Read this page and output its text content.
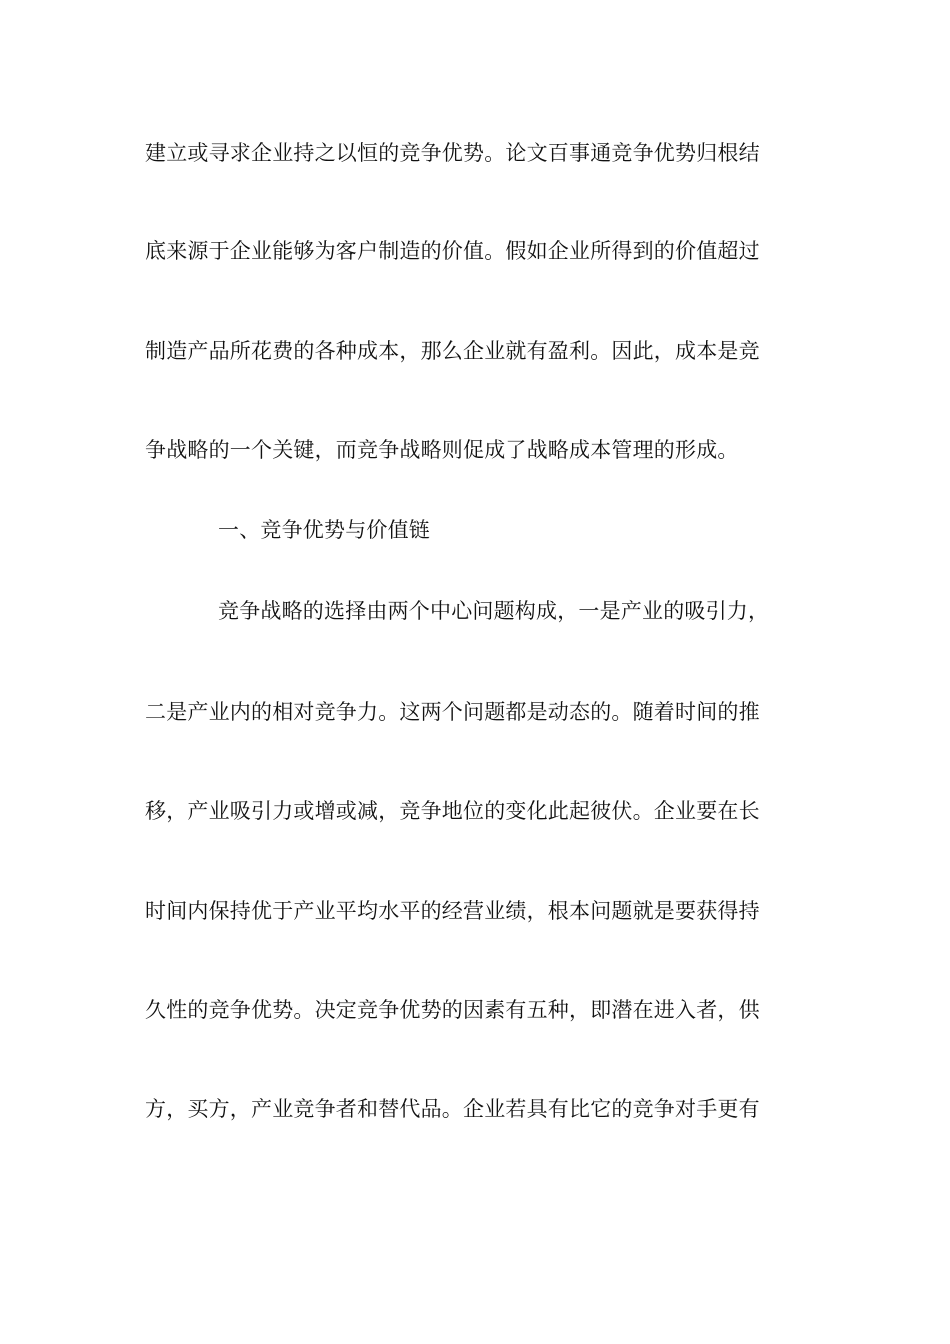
建立或寻求企业持之以恒的竞争优势。论文百事通竞争优势归根结
底来源于企业能够为客户制造的价值。假如企业所得到的价值超过
制造产品所花费的各种成本，那么企业就有盈利。因此，成本是竞
争战略的一个关键，而竞争战略则促成了战略成本管理的形成。
一、竞争优势与价值链
竞争战略的选择由两个中心问题构成，一是产业的吸引力，
二是产业内的相对竞争力。这两个问题都是动态的。随着时间的推
移，产业吸引力或增或减，竞争地位的变化此起彼伏。企业要在长
时间内保持优于产业平均水平的经营业绩，根本问题就是要获得持
久性的竞争优势。决定竞争优势的因素有五种，即潜在进入者，供
方，买方，产业竞争者和替代品。企业若具有比它的竞争对手更有
